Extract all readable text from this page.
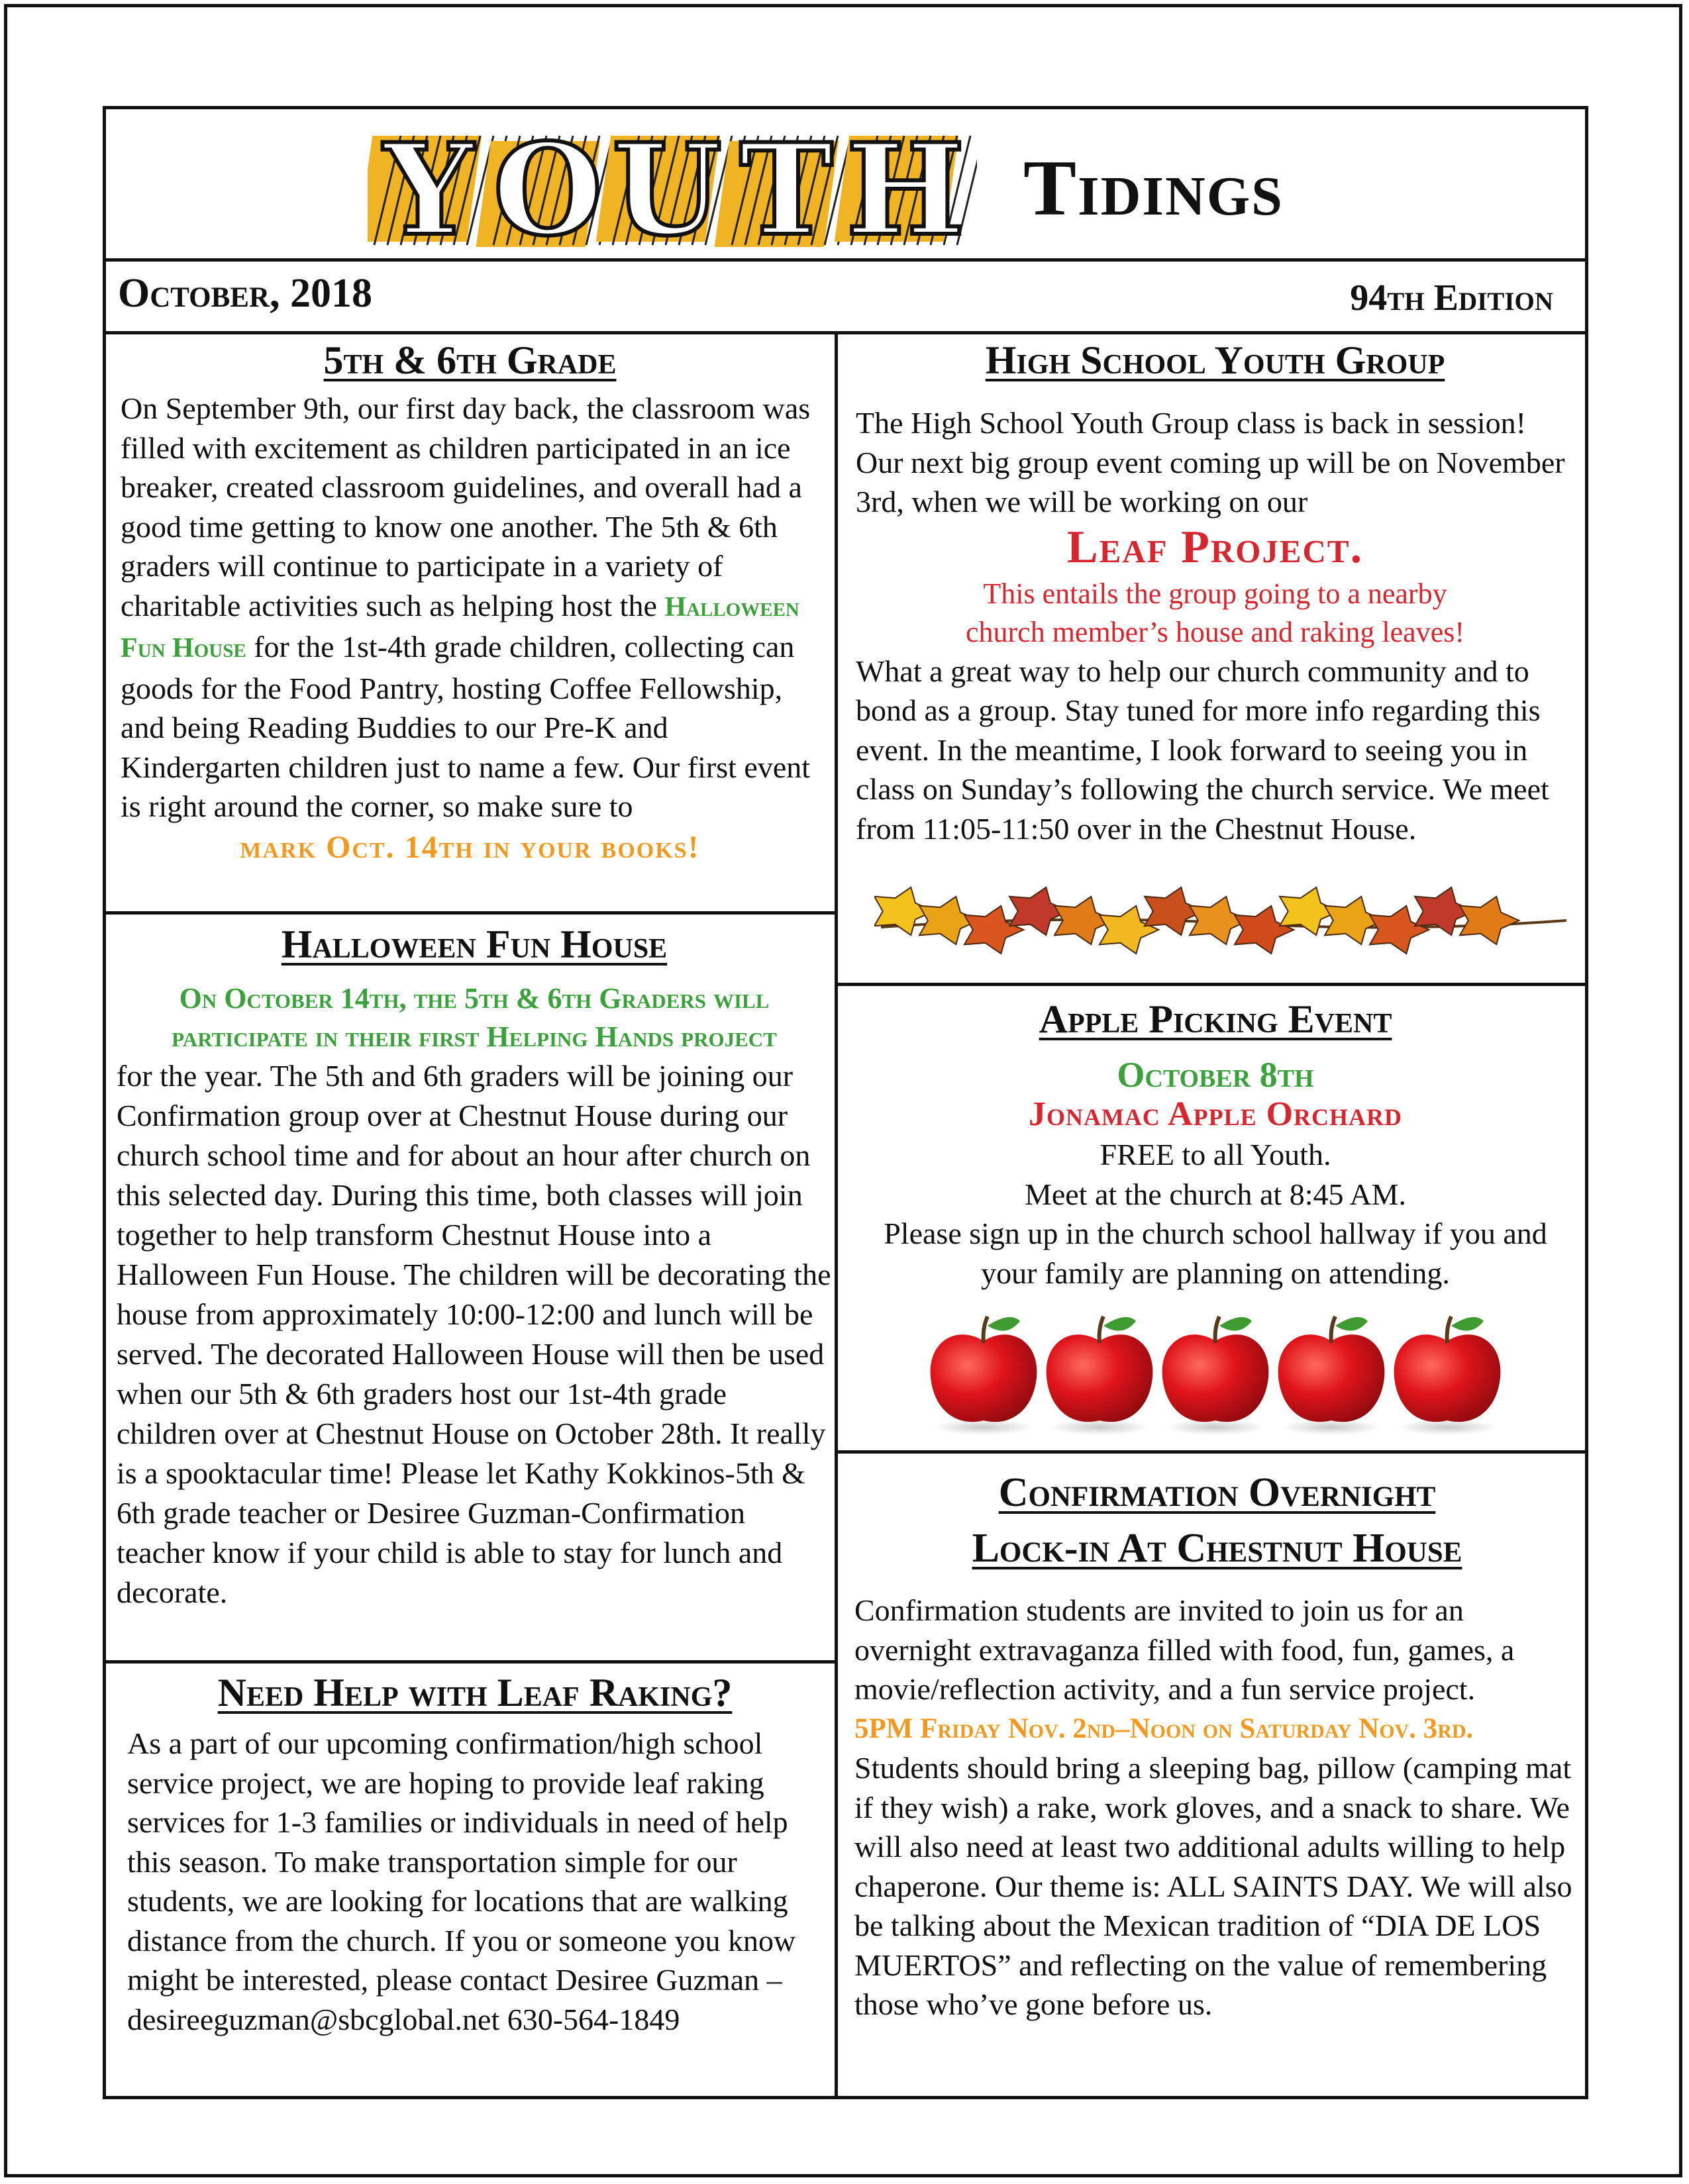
Y O U T H Tidings
October, 2018	94th Edition
5th & 6th Grade
On September 9th, our first day back, the classroom was filled with excitement as children participated in an ice breaker, created classroom guidelines, and overall had a good time getting to know one another. The 5th & 6th graders will continue to participate in a variety of charitable activities such as helping host the Halloween Fun House for the 1st-4th grade children, collecting can goods for the Food Pantry, hosting Coffee Fellowship, and being Reading Buddies to our Pre-K and Kindergarten children just to name a few. Our first event is right around the corner, so make sure to
mark Oct. 14th in your books!
Halloween Fun House
On October 14th, the 5th & 6th Graders will participate in their first Helping Hands project
for the year. The 5th and 6th graders will be joining our Confirmation group over at Chestnut House during our church school time and for about an hour after church on this selected day. During this time, both classes will join together to help transform Chestnut House into a Halloween Fun House. The children will be decorating the house from approximately 10:00-12:00 and lunch will be served. The decorated Halloween House will then be used when our 5th & 6th graders host our 1st-4th grade children over at Chestnut House on October 28th. It really is a spooktacular time! Please let Kathy Kokkinos-5th & 6th grade teacher or Desiree Guzman-Confirmation teacher know if your child is able to stay for lunch and decorate.
Need Help with Leaf Raking?
As a part of our upcoming confirmation/high school service project, we are hoping to provide leaf raking services for 1-3 families or individuals in need of help this season. To make transportation simple for our students, we are looking for locations that are walking distance from the church. If you or someone you know might be interested, please contact Desiree Guzman – desireeguzman@sbcglobal.net 630-564-1849
High School Youth Group
The High School Youth Group class is back in session! Our next big group event coming up will be on November 3rd, when we will be working on our
Leaf Project.
This entails the group going to a nearby
church member’s house and raking leaves!
What a great way to help our church community and to bond as a group. Stay tuned for more info regarding this event. In the meantime, I look forward to seeing you in class on Sunday’s following the church service. We meet from 11:05-11:50 over in the Chestnut House.
Apple Picking Event
October 8th
Jonamac Apple Orchard
FREE to all Youth.
Meet at the church at 8:45 AM.
Please sign up in the church school hallway if you and your family are planning on attending.
Confirmation Overnight
Lock-in At Chestnut House
Confirmation students are invited to join us for an overnight extravaganza filled with food, fun, games, a movie/reflection activity, and a fun service project.
5PM Friday Nov. 2nd–Noon on Saturday Nov. 3rd.
Students should bring a sleeping bag, pillow (camping mat if they wish) a rake, work gloves, and a snack to share. We will also need at least two additional adults willing to help chaperone. Our theme is: ALL SAINTS DAY. We will also be talking about the Mexican tradition of “DIA DE LOS MUERTOS” and reflecting on the value of remembering those who’ve gone before us.
